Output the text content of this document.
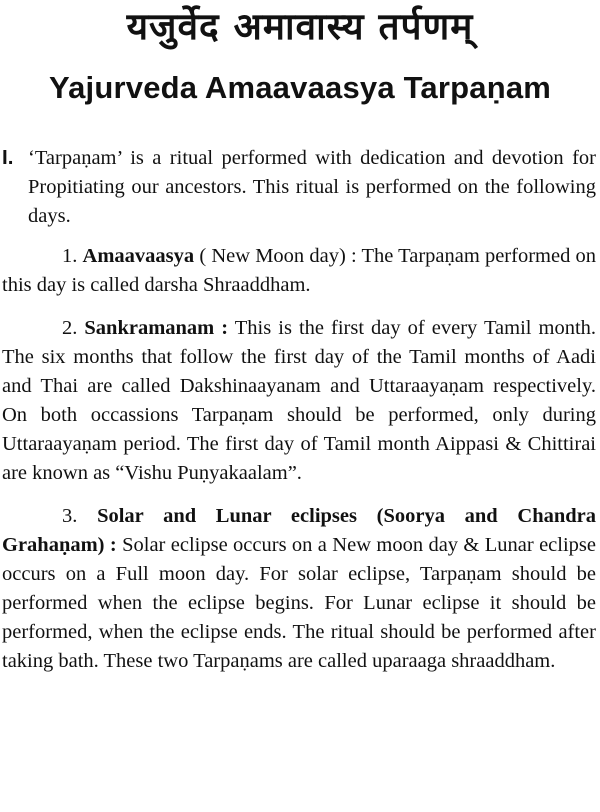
यजुर्वेद अमावास्य तर्पणम्
Yajurveda Amaavaasya Tarpaṇam

I. ‘Tarpaṇam’ is a ritual performed with dedication and devotion for Propitiating our ancestors. This ritual is performed on the following days.

1. Amaavaasya ( New Moon day) : The Tarpaṇam performed on this day is called darsha Shraaddham.

2. Sankramanam : This is the first day of every Tamil month. The six months that follow the first day of the Tamil months of Aadi and Thai are called Dakshinaayanam and Uttaraayaṇam respectively. On both occassions Tarpaṇam should be performed, only during Uttaraayaṇam period. The first day of Tamil month Aippasi & Chittirai are known as “Vishu Puṇyakaalam”.

3. Solar and Lunar eclipses (Soorya and Chandra Grahaṇam) : Solar eclipse occurs on a New moon day & Lunar eclipse occurs on a Full moon day. For solar eclipse, Tarpaṇam should be performed when the eclipse begins. For Lunar eclipse it should be performed, when the eclipse ends. The ritual should be performed after taking bath. These two Tarpaṇams are called uparaaga shraaddham.
